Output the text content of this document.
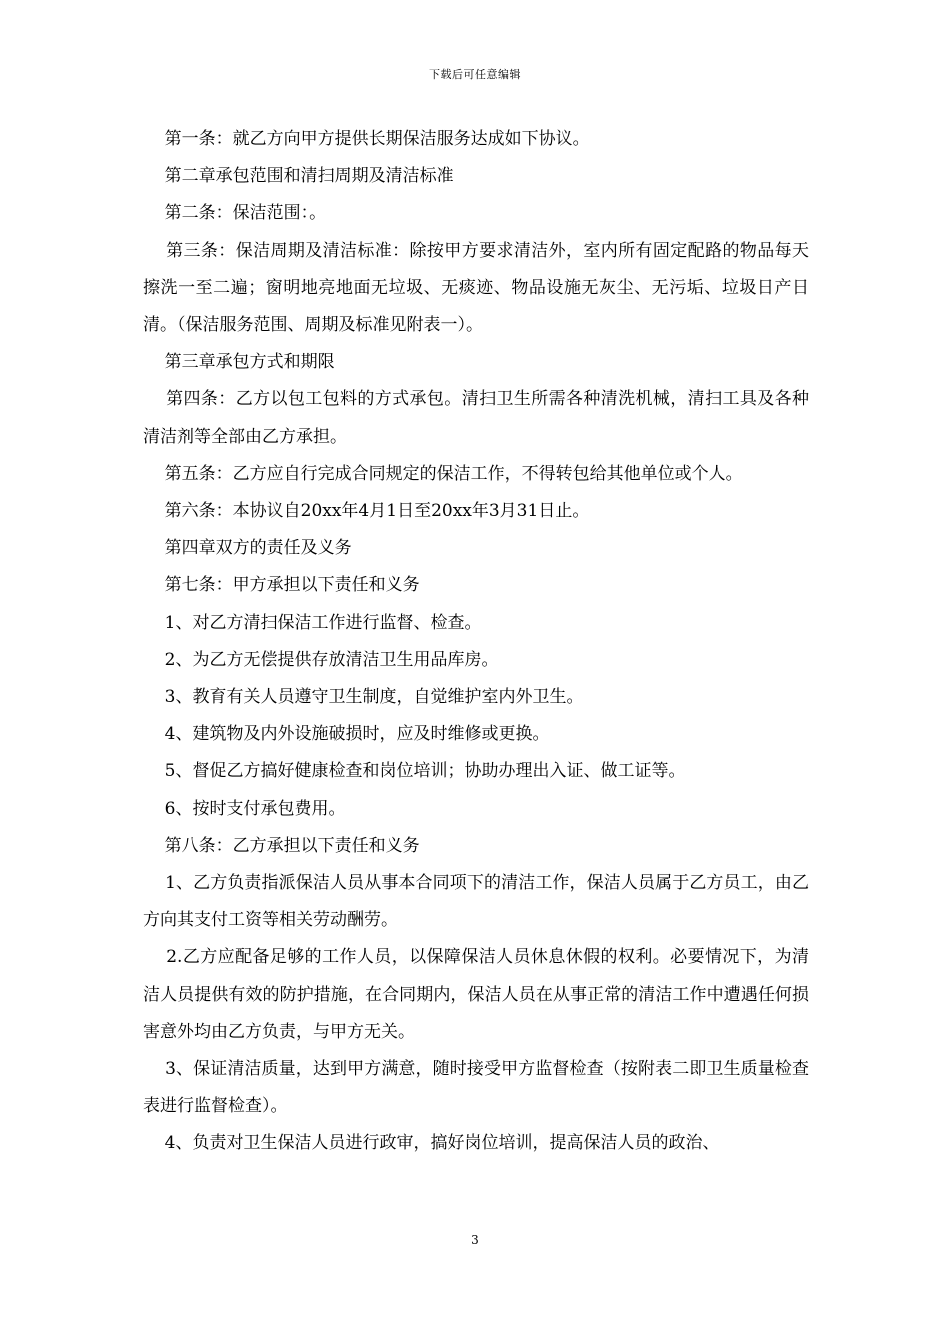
下载后可任意编辑

第一条：就乙方向甲方提供长期保洁服务达成如下协议。

第二章承包范围和清扫周期及清洁标准

第二条：保洁范围：。

第三条：保洁周期及清洁标准：除按甲方要求清洁外，室内所有固定配路的物品每天擦洗一至二遍；窗明地亮地面无垃圾、无痰迹、物品设施无灰尘、无污垢、垃圾日产日清。（保洁服务范围、周期及标准见附表一）。

第三章承包方式和期限

第四条：乙方以包工包料的方式承包。清扫卫生所需各种清洗机械，清扫工具及各种清洁剂等全部由乙方承担。

第五条：乙方应自行完成合同规定的保洁工作，不得转包给其他单位或个人。

第六条：本协议自20xx年4月1日至20xx年3月31日止。

第四章双方的责任及义务

第七条：甲方承担以下责任和义务

1、对乙方清扫保洁工作进行监督、检查。

2、为乙方无偿提供存放清洁卫生用品库房。

3、教育有关人员遵守卫生制度，自觉维护室内外卫生。

4、建筑物及内外设施破损时，应及时维修或更换。

5、督促乙方搞好健康检查和岗位培训；协助办理出入证、做工证等。

6、按时支付承包费用。

第八条：乙方承担以下责任和义务

1、乙方负责指派保洁人员从事本合同项下的清洁工作，保洁人员属于乙方员工，由乙方向其支付工资等相关劳动酬劳。

2.乙方应配备足够的工作人员，以保障保洁人员休息休假的权利。必要情况下，为清洁人员提供有效的防护措施，在合同期内，保洁人员在从事正常的清洁工作中遭遇任何损害意外均由乙方负责，与甲方无关。

3、保证清洁质量，达到甲方满意，随时接受甲方监督检查（按附表二即卫生质量检查表进行监督检查）。

4、负责对卫生保洁人员进行政审，搞好岗位培训，提高保洁人员的政治、

3
